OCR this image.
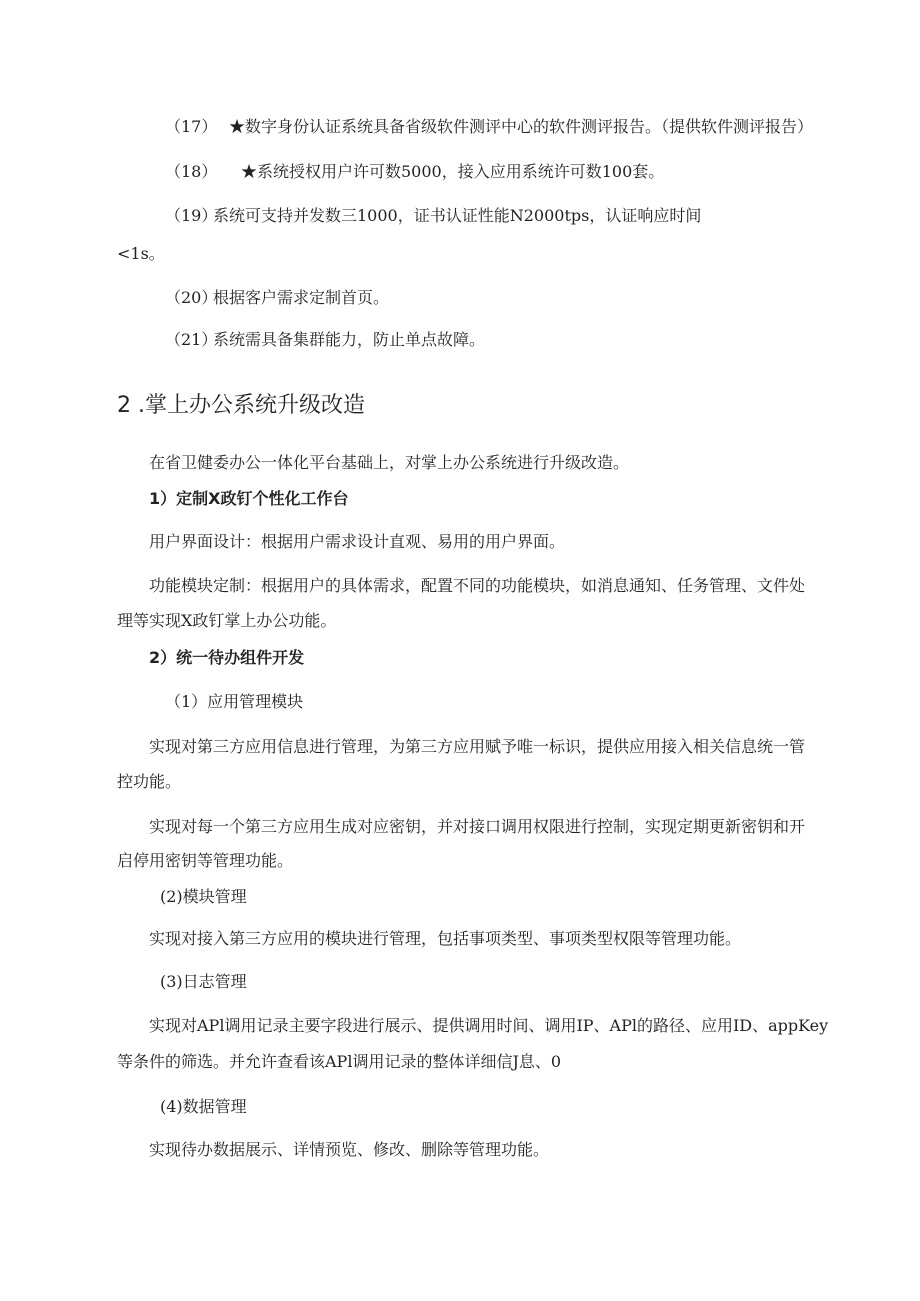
（17） ★数字身份认证系统具备省级软件测评中心的软件测评报告。（提供软件测评报告）
（18） ★系统授权用户许可数5000，接入应用系统许可数100套。
（19）系统可支持并发数三1000，证书认证性能N2000tps，认证响应时间
<1s。
（20）根据客户需求定制首页。
（21）系统需具备集群能力，防止单点故障。
2 .掌上办公系统升级改造
在省卫健委办公一体化平台基础上，对掌上办公系统进行升级改造。
1）定制X政钉个性化工作台
用户界面设计：根据用户需求设计直观、易用的用户界面。
功能模块定制：根据用户的具体需求，配置不同的功能模块，如消息通知、任务管理、文件处
理等实现X政钉掌上办公功能。
2）统一待办组件开发
（1）应用管理模块
实现对第三方应用信息进行管理，为第三方应用赋予唯一标识，提供应用接入相关信息统一管
控功能。
实现对每一个第三方应用生成对应密钥，并对接口调用权限进行控制，实现定期更新密钥和开
启停用密钥等管理功能。
(2)模块管理
实现对接入第三方应用的模块进行管理，包括事项类型、事项类型权限等管理功能。
(3)日志管理
实现对APl调用记录主要字段进行展示、提供调用时间、调用IP、APl的路径、应用ID、appKey
等条件的筛选。并允许查看该APl调用记录的整体详细信J息、0
(4)数据管理
实现待办数据展示、详情预览、修改、删除等管理功能。
